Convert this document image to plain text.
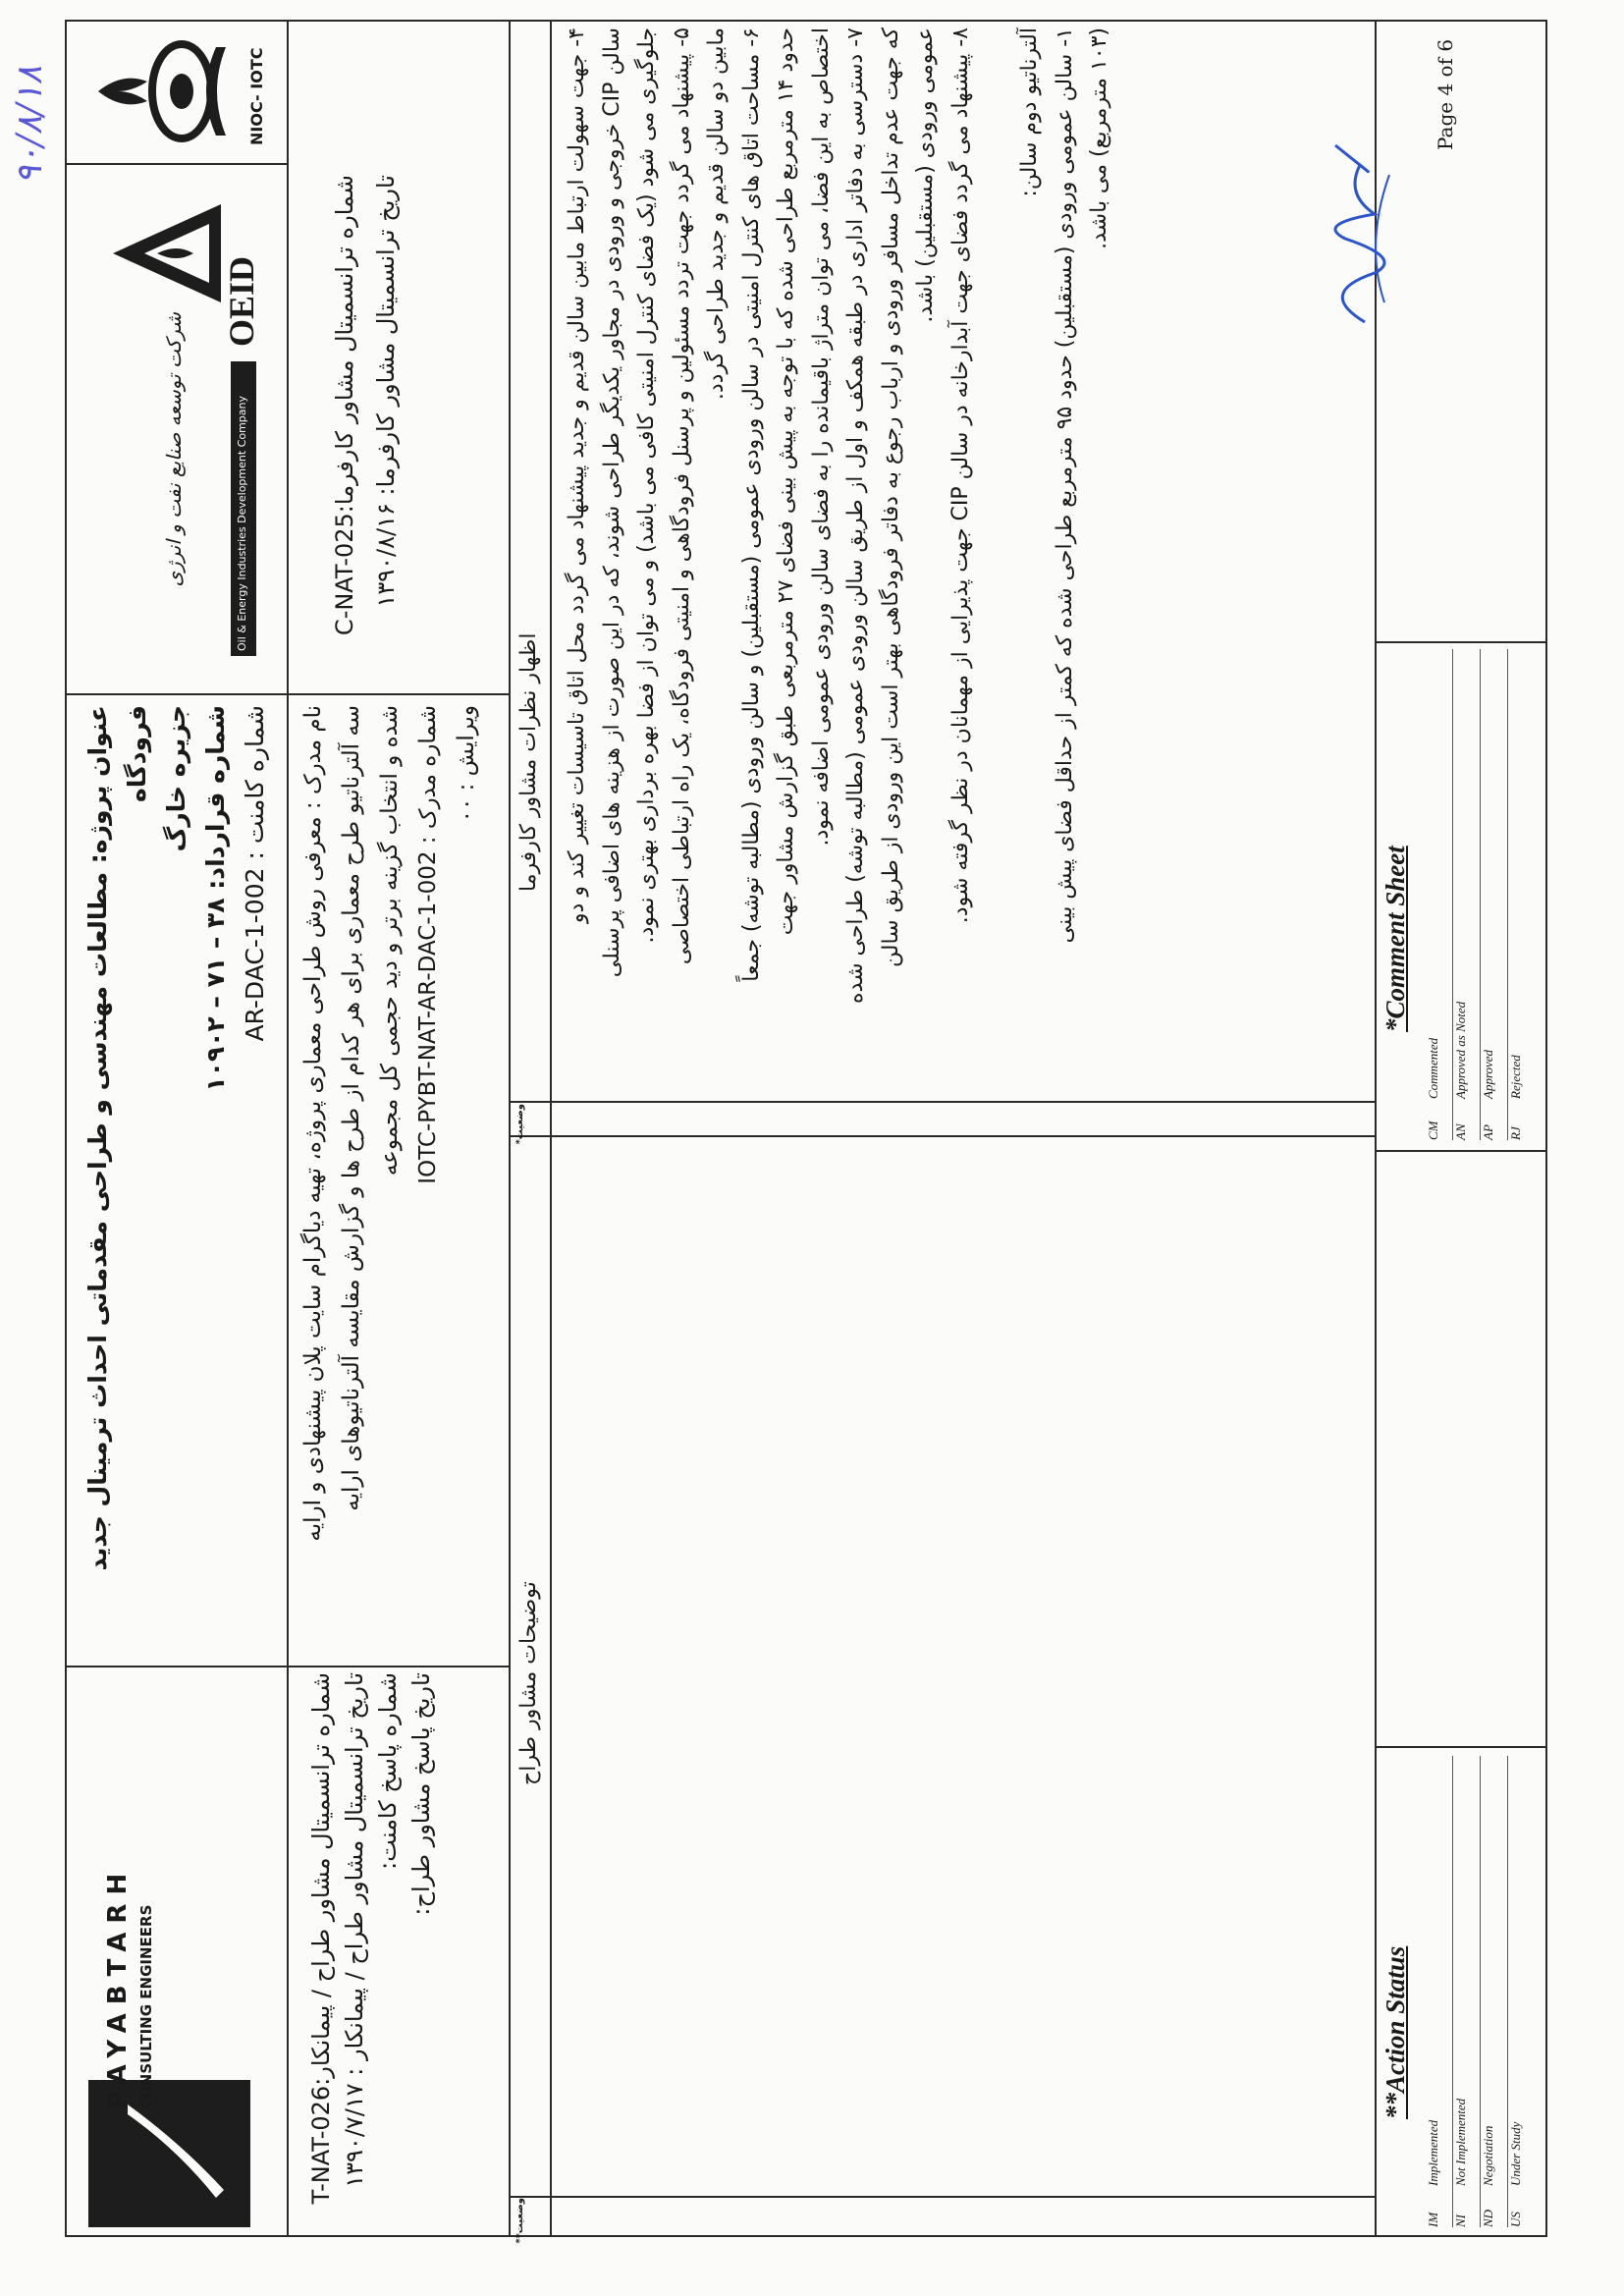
PAYABTARH CONSULTING ENGINEERS
شماره ترانسمیتال مشاور طراح / پیمانکار:T-NAT-026
تاریخ ترانسمیتال مشاور طراح / پیمانکار : ۱۳۹۰/۷/۱۷ شماره پاسخ کامنت: تاریخ پاسخ مشاور طراح:
عنوان پروژه: مطالعات مهندسی و طراحی مقدماتی احداث ترمینال جدید فرودگاه جزیره خارگ
شماره قرارداد: ۳۸ – ۷۱ – ۱۰۹۰۲
شماره کامنت : AR-DAC-1-002 نام مدرک : معرفی روش طراحی معماری پروژه، تهیه دیاگرام سایت پلان پیشنهادی و ارایه سه آلترناتیو طرح معماری برای هر کدام از طرح ها و گزارش مقایسه آلترناتیوهای ارایه شده و انتخاب گزینه برتر و دید حجمی کل مجموعه شماره مدرک : IOTC-PYBT-NAT-AR-DAC-1-002 ویرایش : ۰۰
شرکت توسعه صنایع نفت و انرژی
OEID
Oil & Energy Industries Development Company	شماره ترانسمیتال مشاور کارفرما:C-NAT-025
تاریخ ترانسمیتال مشاور کارفرما: ۱۳۹۰/۸/۱۶
NIOC- IOTC
وضعیت**
توضیحات مشاور طراح
وضعیت*
اظهار نظرات مشاور کارفرما ۴- جهت سهولت ارتباط مابین سالن قدیم و جدید پیشنهاد می گردد محل اتاق تاسیسات تغییر کند و دو
سالن CIP خروجی و ورودی در مجاور یکدیگر طراحی شوند، که در این صورت از هزینه های اضافی پرسنلی جلوگیری می شود (یک فضای کنترل امنیتی کافی می باشد) و می توان از فضا بهره برداری بهتری نمود. ۵- پیشنهاد می گردد جهت تردد مسئولین و پرسنل فرودگاهی و امنیتی فرودگاه، یک راه ارتباطی اختصاصی مابین دو سالن قدیم و جدید طراحی گردد. ۶- مساحت اتاق های کنترل امنیتی در سالن ورودی عمومی (مستقبلین) و سالن ورودی (مطالبه توشه) جمعاً
حدود ۱۴ مترمربع طراحی شده که با توجه به پیش بینی فضای ۲۷ مترمربعی طبق گزارش مشاور جهت اختصاص به این فضا، می توان متراژ باقیمانده را به فضای سالن ورودی عمومی اضافه نمود. ۷- دسترسی به دفاتر اداری در طبقه همکف و اول از طریق سالن ورودی عمومی (مطالبه توشه) طراحی شده که جهت عدم تداخل مسافر ورودی و ارباب رجوع به دفاتر فرودگاهی بهتر است این ورودی از طریق سالن عمومی ورودی (مستقبلین) باشد.
۸- پیشنهاد می گردد فضای جهت آبدارخانه در سالن CIP جهت پذیرایی از مهمانان در نظر گرفته شود. آلترناتیو دوم سالن:
۱- سالن عمومی ورودی (مستقبلین) حدود ۹۵ مترمربع طراحی شده که کمتر از حداقل فضای پیش بینی
(۱۰۳ مترمربع) می باشد.
۹۰/۸/۱۸
**Action Status
IM
Implemented
NI
Not Implemented
ND
Negotiation
US
Under Study
*Comment Sheet
CM
Commented
AN
Approved as Noted
AP
Approved
RJ
Rejected
Page 4 of 6
